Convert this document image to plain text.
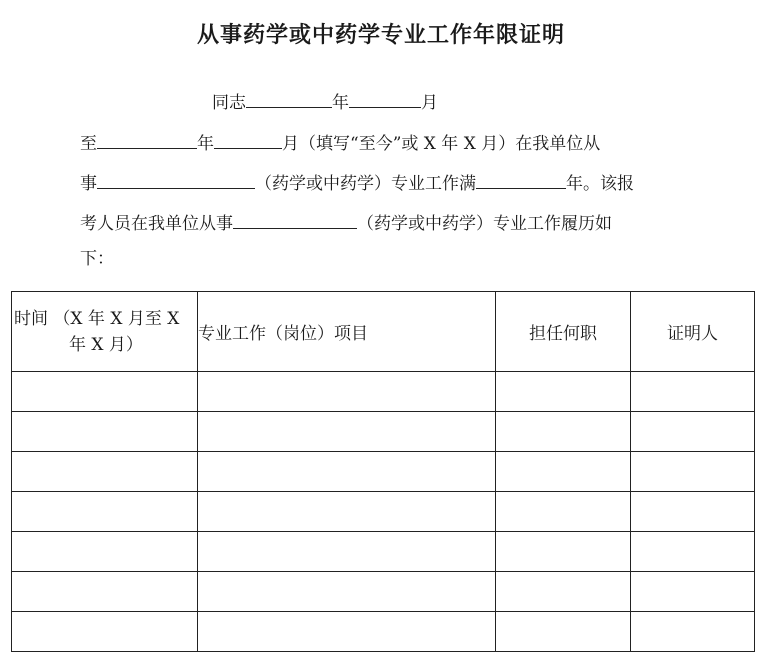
从事药学或中药学专业工作年限证明
同志	年	月
至	年	月（填写“至今”或 X 年 X 月）在我单位从
事	（药学或中药学）专业工作满	年。该报
考人员在我单位从事	（药学或中药学）专业工作履历如
下：
时间 （X 年 X 月至 X
年 X 月）	专业工作（岗位）项目	担任何职	证明人
